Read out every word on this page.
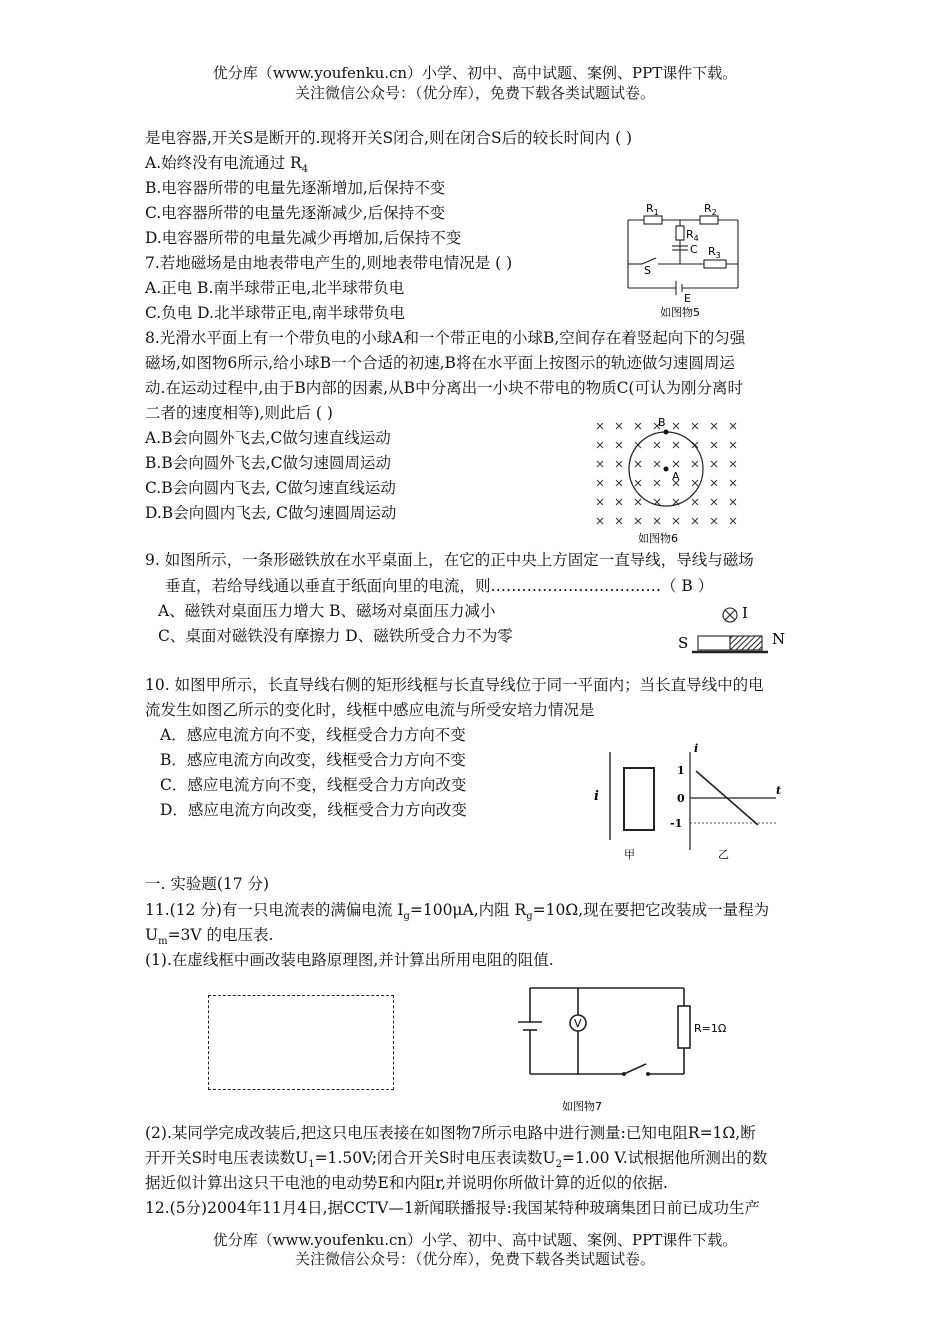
优分库（www.youfenku.cn）小学、初中、高中试题、案例、PPT课件下载。
关注微信公众号：（优分库），免费下载各类试题试卷。
是电容器,开关S是断开的.现将开关S闭合,则在闭合S后的较长时间内 ( )
A.始终没有电流通过 $R_4$
B.电容器所带的电量先逐渐增加,后保持不变
C.电容器所带的电量先逐渐减少,后保持不变
D.电容器所带的电量先减少再增加,后保持不变
7.若地磁场是由地表带电产生的,则地表带电情况是 ( )
A.正电 B.南半球带正电,北半球带负电
C.负电 D.北半球带正电,南半球带负电
$R_1$	$R_2$
$R_4$
C $R_3$
S
E
如图物5
8.光滑水平面上有一个带负电的小球A和一个带正电的小球B,空间存在着竖起向下的匀强
磁场,如图物6所示,给小球B一个合适的初速,B将在水平面上按图示的轨迹做匀速圆周运
动.在运动过程中,由于B内部的因素,从B中分离出一小块不带电的物质C(可认为刚分离时
二者的速度相等),则此后 ( )
A.B会向圆外飞去,C做匀速直线运动
B.B会向圆外飞去,C做匀速圆周运动
C.B会向圆内飞去, C做匀速直线运动
D.B会向圆内飞去, C做匀速圆周运动
B
A
如图物6
9. 如图所示，一条形磁铁放在水平桌面上，在它的正中央上方固定一直导线，导线与磁场
垂直，若给导线通以垂直于纸面向里的电流，则……………………………（ B ）
A、磁铁对桌面压力增大 B、磁场对桌面压力减小
C、桌面对磁铁没有摩擦力 D、磁铁所受合力不为零
I
S	N
10. 如图甲所示，长直导线右侧的矩形线框与长直导线位于同一平面内；当长直导线中的电
流发生如图乙所示的变化时，线框中感应电流与所受安培力情况是
A．感应电流方向不变，线框受合力方向不变
B．感应电流方向改变，线框受合力方向不变
C．感应电流方向不变，线框受合力方向改变
D．感应电流方向改变，线框受合力方向改变
i
i
t
1
0
-1
甲	乙
一. 实验题(17 分)
11.(12 分)有一只电流表的满偏电流 $I_g=100\mu A$,内阻 $R_g=10\Omega$,现在要把它改装成一量程为
$U_m=3V$ 的电压表.
(1).在虚线框中画改装电路原理图,并计算出所用电阻的阻值.
V	R=1Ω
如图物7
(2).某同学完成改装后,把这只电压表接在如图物7所示电路中进行测量:已知电阻R=1Ω,断
开开关S时电压表读数$U_1=1.50V$;闭合开关S时电压表读数$U_2=1.00$ V.试根据他所测出的数
据近似计算出这只干电池的电动势E和内阻r,并说明你所做计算的近似的依据.
12.(5分)2004年11月4日,据CCTV—1新闻联播报导:我国某特种玻璃集团日前已成功生产
优分库（www.youfenku.cn）小学、初中、高中试题、案例、PPT课件下载。
关注微信公众号：（优分库），免费下载各类试题试卷。
